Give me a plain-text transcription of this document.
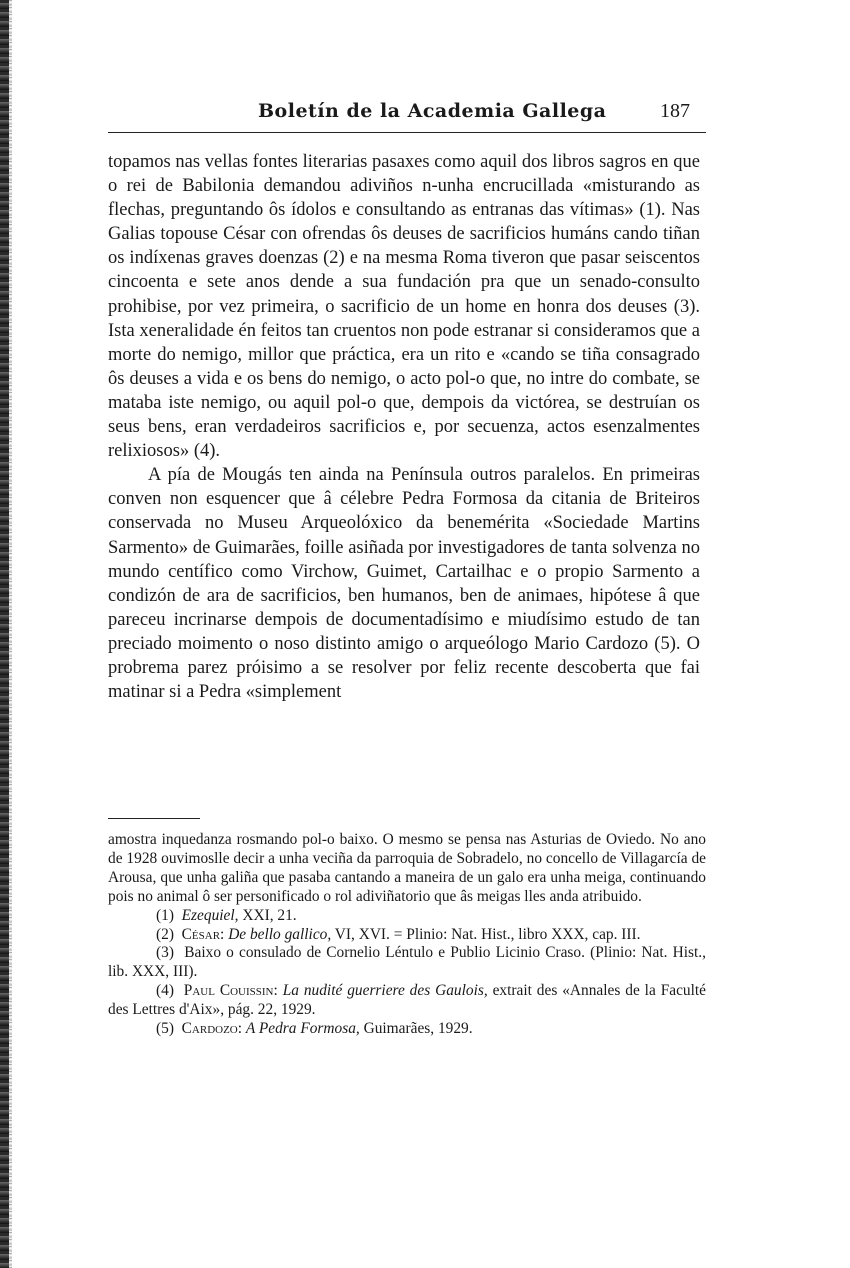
Boletín de la Academia Gallega	187

topamos nas vellas fontes literarias pasaxes como aquil dos libros sagros en que o rei de Babilonia demandou adiviños n-unha encrucillada «misturando as flechas, preguntando ôs ídolos e consultando as entranas das vítimas» (1). Nas Galias topouse César con ofrendas ôs deuses de sacrificios humáns cando tiñan os indíxenas graves doenzas (2) e na mesma Roma tiveron que pasar seiscentos cincoenta e sete anos dende a sua fundación pra que un senado-consulto prohibise, por vez primeira, o sacrificio de un home en honra dos deuses (3). Ista xeneralidade én feitos tan cruentos non pode estranar si consideramos que a morte do nemigo, millor que práctica, era un rito e «cando se tiña consagrado ôs deuses a vida e os bens do nemigo, o acto pol-o que, no intre do combate, se mataba iste nemigo, ou aquil pol-o que, dempois da victórea, se destruían os seus bens, eran verdadeiros sacrificios e, por secuenza, actos esenzalmentes relixiosos» (4).

A pía de Mougás ten ainda na Península outros paralelos. En primeiras conven non esquencer que â célebre Pedra Formosa da citania de Briteiros conservada no Museu Arqueolóxico da benemérita «Sociedade Martins Sarmento» de Guimarães, foille asiñada por investigadores de tanta solvenza no mundo centífico como Virchow, Guimet, Cartailhac e o propio Sarmento a condizón de ara de sacrificios, ben humanos, ben de animaes, hipótese â que pareceu incrinarse dempois de documentadísimo e miudísimo estudo de tan preciado moimento o noso distinto amigo o arqueólogo Mario Cardozo (5). O probrema parez próisimo a se resolver por feliz recente descoberta que fai matinar si a Pedra «simplement

amostra inquedanza rosmando pol-o baixo. O mesmo se pensa nas Asturias de Oviedo. No ano de 1928 ouvimoslle decir a unha veciña da parroquia de Sobradelo, no concello de Villagarcía de Arousa, que unha galiña que pasaba cantando a maneira de un galo era unha meiga, continuando pois no animal ô ser personificado o rol adiviñatorio que âs meigas lles anda atribuido.

(1) Ezequiel, XXI, 21.

(2) César: De bello gallico, VI, XVI. = Plinio: Nat. Hist., libro XXX, cap. III.

(3) Baixo o consulado de Cornelio Léntulo e Publio Licinio Craso. (Plinio: Nat. Hist., lib. XXX, III).

(4) Paul Couissin: La nudité guerriere des Gaulois, extrait des «Annales de la Faculté des Lettres d'Aix», pág. 22, 1929.

(5) Cardozo: A Pedra Formosa, Guimarães, 1929.
